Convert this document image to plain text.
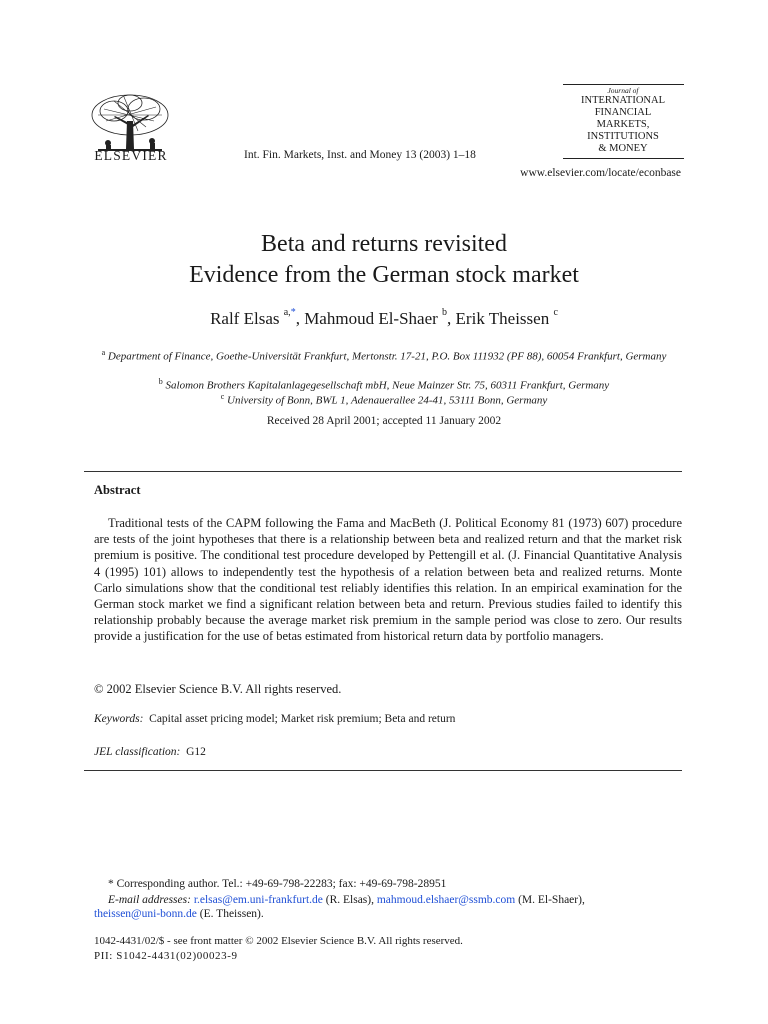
ELSEVIER	Int. Fin. Markets, Inst. and Money 13 (2003) 1–18
Journal of
INTERNATIONAL
FINANCIAL
MARKETS,
INSTITUTIONS
& MONEY
www.elsevier.com/locate/econbase
Beta and returns revisited
Evidence from the German stock market
Ralf Elsas $^{a,*}$, Mahmoud El-Shaer $^b$, Erik Theissen $^c$
$^a$ Department of Finance, Goethe-Universität Frankfurt, Mertonstr. 17-21, P.O. Box 111932 (PF 88), 60054 Frankfurt, Germany
$^b$ Salomon Brothers Kapitalanlagegesellschaft mbH, Neue Mainzer Str. 75, 60311 Frankfurt, Germany
$^c$ University of Bonn, BWL 1, Adenauerallee 24-41, 53111 Bonn, Germany
Received 28 April 2001; accepted 11 January 2002
Abstract
Traditional tests of the CAPM following the Fama and MacBeth (J. Political Economy 81 (1973) 607) procedure are tests of the joint hypotheses that there is a relationship between beta and realized return and that the market risk premium is positive. The conditional test procedure developed by Pettengill et al. (J. Financial Quantitative Analysis 4 (1995) 101) allows to independently test the hypothesis of a relation between beta and realized returns. Monte Carlo simulations show that the conditional test reliably identifies this relation. In an empirical examination for the German stock market we find a significant relation between beta and return. Previous studies failed to identify this relationship probably because the average market risk premium in the sample period was close to zero. Our results provide a justification for the use of betas estimated from historical return data by portfolio managers.
© 2002 Elsevier Science B.V. All rights reserved.
Keywords: Capital asset pricing model; Market risk premium; Beta and return
JEL classification: G12
* Corresponding author. Tel.: +49-69-798-22283; fax: +49-69-798-28951
E-mail addresses: r.elsas@em.uni-frankfurt.de (R. Elsas), mahmoud.elshaer@ssmb.com (M. El-Shaer),
theissen@uni-bonn.de (E. Theissen).
1042-4431/02/$ - see front matter © 2002 Elsevier Science B.V. All rights reserved.
PII: S1042-4431(02)00023-9
